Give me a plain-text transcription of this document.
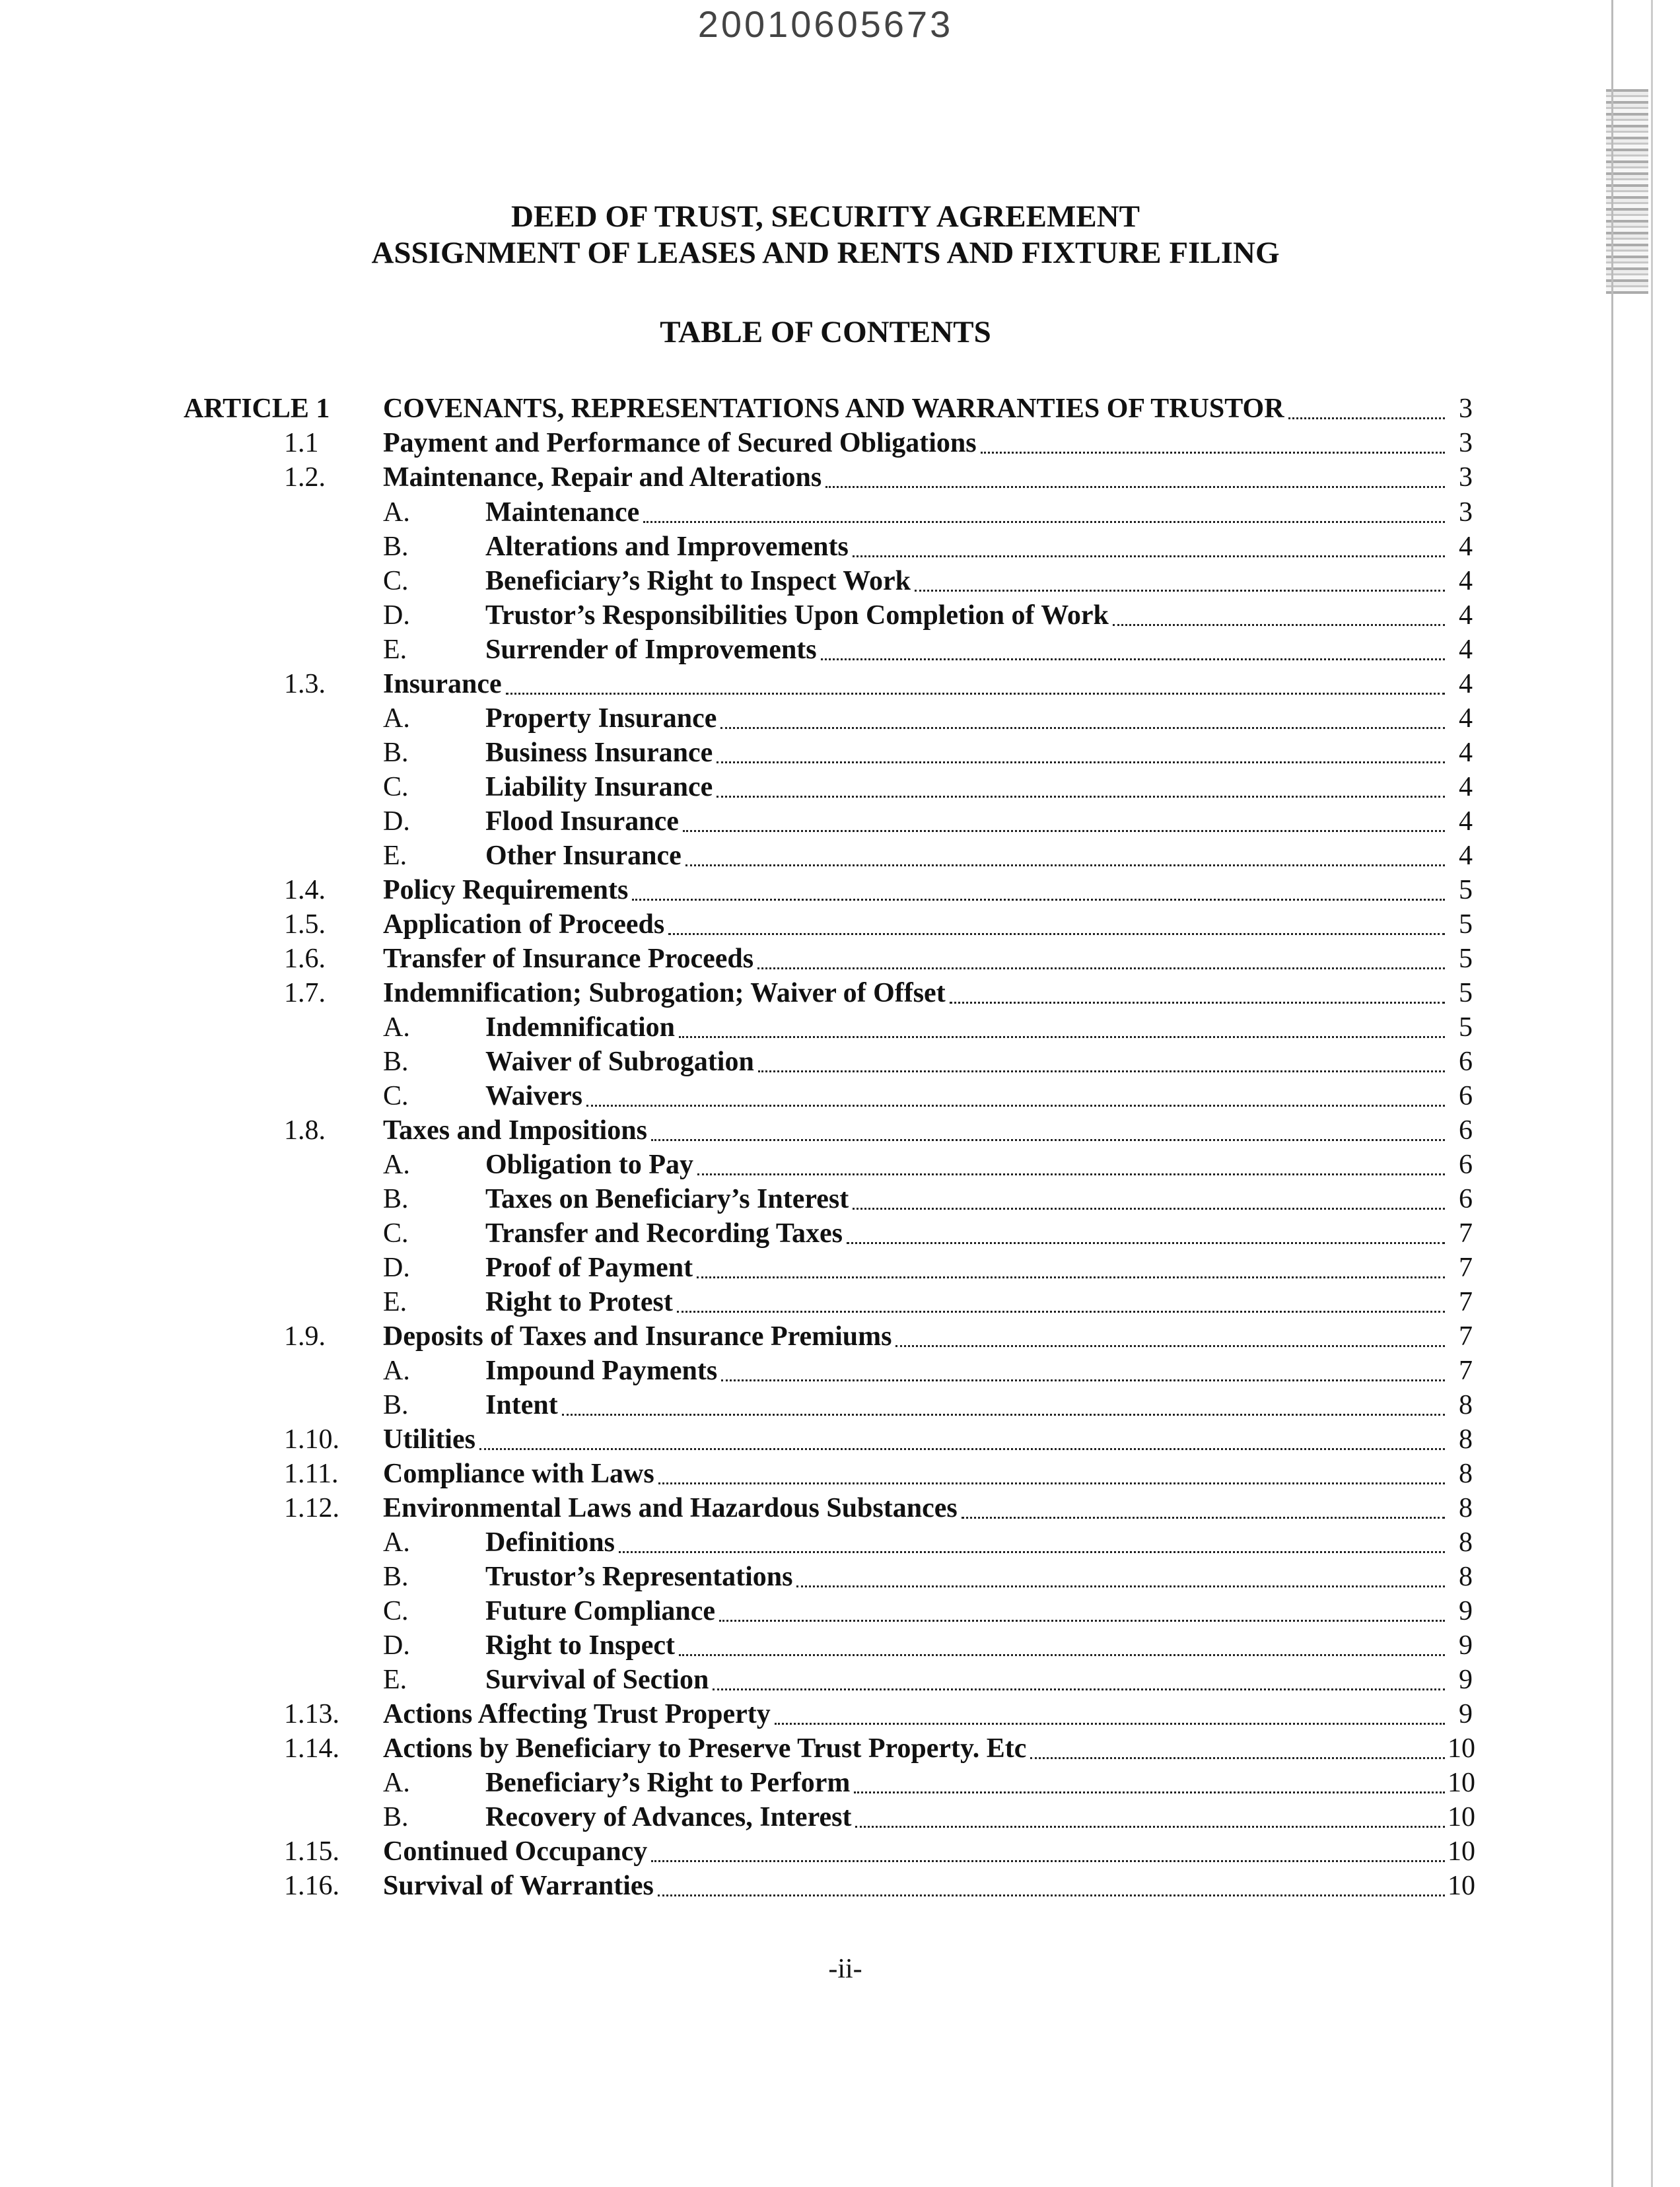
20010605673
DEED OF TRUST, SECURITY AGREEMENT
ASSIGNMENT OF LEASES AND RENTS AND FIXTURE FILING
TABLE OF CONTENTS
ARTICLE 1 COVENANTS, REPRESENTATIONS AND WARRANTIES OF TRUSTOR	3
1.1 Payment and Performance of Secured Obligations	3
1.2. Maintenance, Repair and Alterations	3
A.	Maintenance	3
B.	Alterations and Improvements	4
C.	Beneficiary’s Right to Inspect Work	4
D.	Trustor’s Responsibilities Upon Completion of Work	4
E.	Surrender of Improvements	4
1.3. Insurance	4
A.	Property Insurance	4
B.	Business Insurance	4
C.	Liability Insurance	4
D.	Flood Insurance	4
E.	Other Insurance	4
1.4. Policy Requirements	5
1.5. Application of Proceeds	5
1.6. Transfer of Insurance Proceeds	5
1.7. Indemnification; Subrogation; Waiver of Offset	5
A.	Indemnification	5
B.	Waiver of Subrogation	6
C.	Waivers	6
1.8. Taxes and Impositions	6
A.	Obligation to Pay	6
B.	Taxes on Beneficiary’s Interest	6
C.	Transfer and Recording Taxes	7
D.	Proof of Payment	7
E.	Right to Protest	7
1.9. Deposits of Taxes and Insurance Premiums	7
A.	Impound Payments	7
B.	Intent	8
1.10. Utilities	8
1.11. Compliance with Laws	8
1.12. Environmental Laws and Hazardous Substances	8
A.	Definitions	8
B.	Trustor’s Representations	8
C.	Future Compliance	9
D.	Right to Inspect	9
E.	Survival of Section	9
1.13. Actions Affecting Trust Property	9
1.14. Actions by Beneficiary to Preserve Trust Property. Etc	10
A.	Beneficiary’s Right to Perform	10
B.	Recovery of Advances, Interest	10
1.15. Continued Occupancy	10
1.16. Survival of Warranties	10
-ii-
